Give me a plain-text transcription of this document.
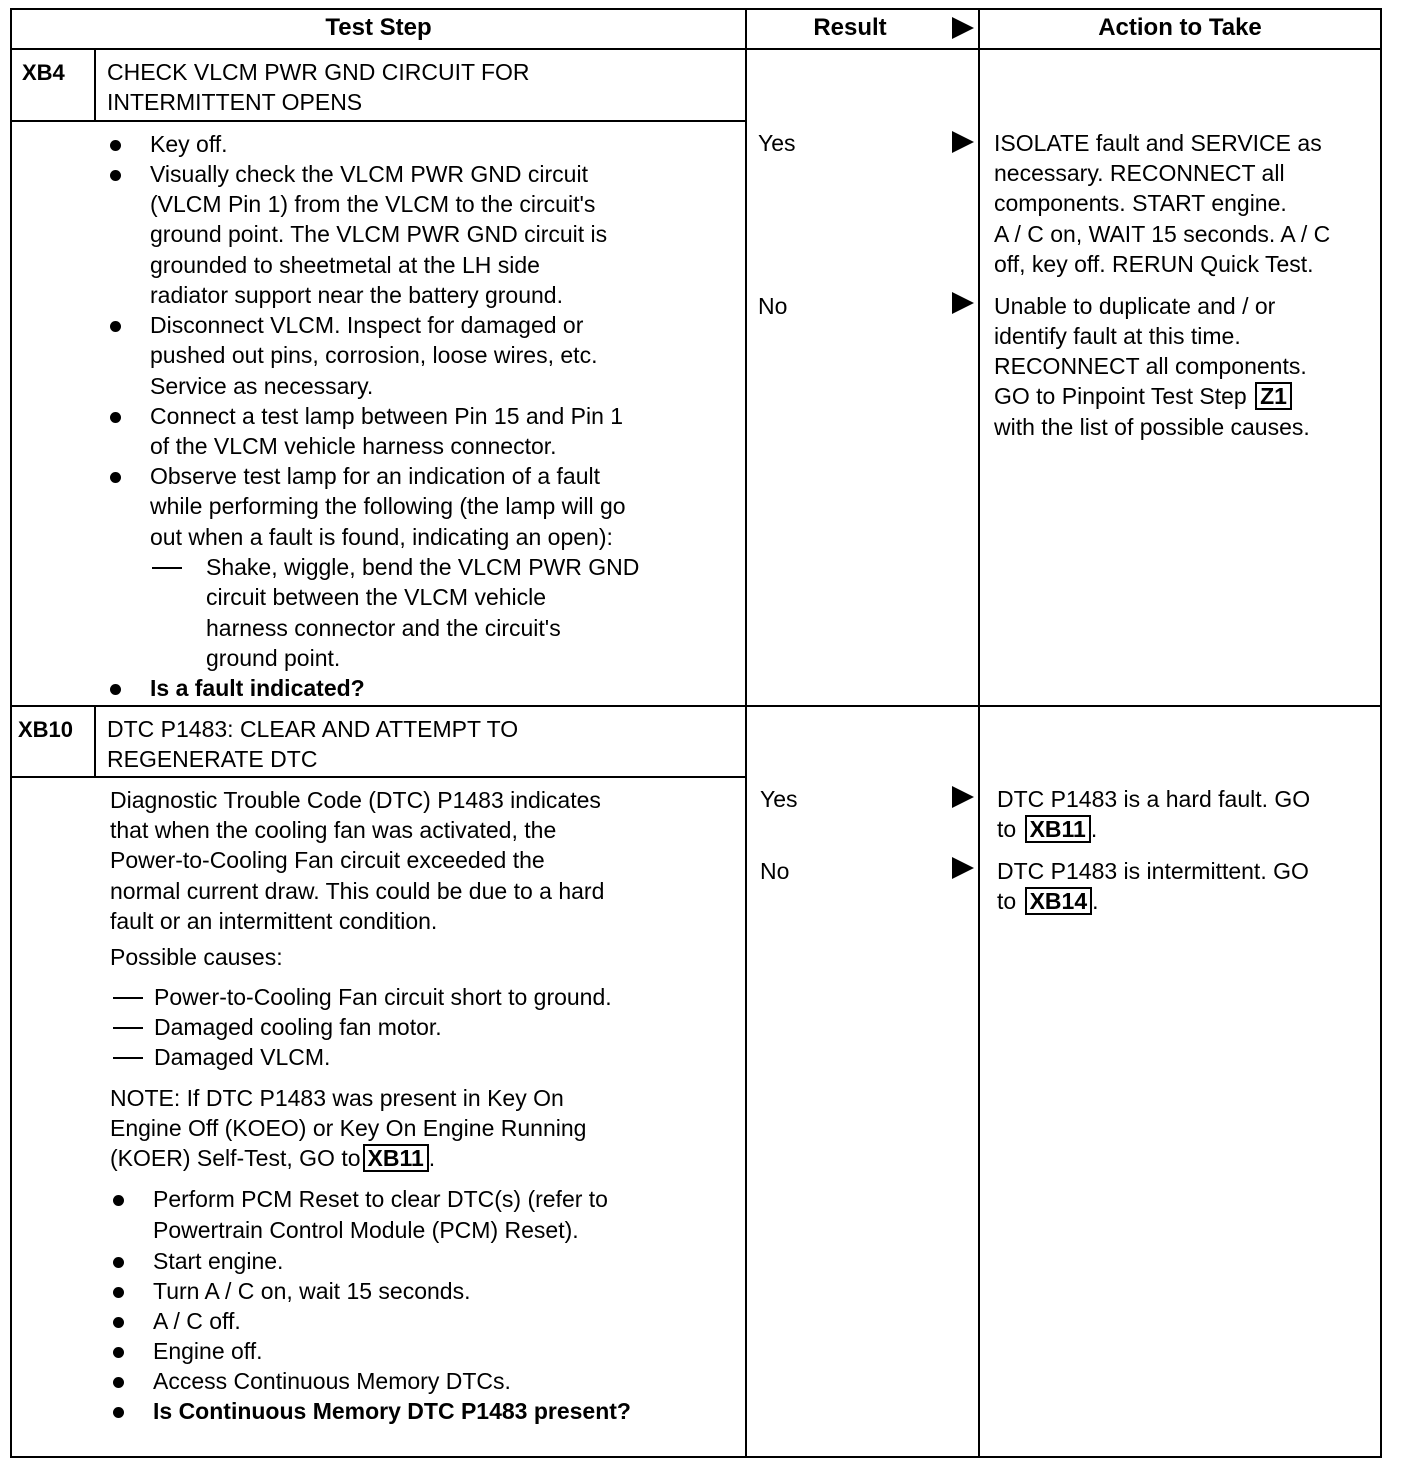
Test Step	Result	Action to Take
XB4 CHECK VLCM PWR GND CIRCUIT FOR
INTERMITTENT OPENS
Key off.
Visually check the VLCM PWR GND circuit
(VLCM Pin 1) from the VLCM to the circuit's
ground point. The VLCM PWR GND circuit is
grounded to sheetmetal at the LH side
radiator support near the battery ground.
Disconnect VLCM. Inspect for damaged or
pushed out pins, corrosion, loose wires, etc.
Service as necessary.
Connect a test lamp between Pin 15 and Pin 1
of the VLCM vehicle harness connector.
Observe test lamp for an indication of a fault
while performing the following (the lamp will go
out when a fault is found, indicating an open):
Shake, wiggle, bend the VLCM PWR GND
circuit between the VLCM vehicle
harness connector and the circuit's
ground point.
Is a fault indicated?
Yes
No
ISOLATE fault and SERVICE as
necessary. RECONNECT all
components. START engine.
A / C on, WAIT 15 seconds. A / C
off, key off. RERUN Quick Test.
Unable to duplicate and / or
identify fault at this time.
RECONNECT all components.
GO to Pinpoint Test Step Z1
with the list of possible causes.
XB10 DTC P1483: CLEAR AND ATTEMPT TO
REGENERATE DTC
Diagnostic Trouble Code (DTC) P1483 indicates
that when the cooling fan was activated, the
Power-to-Cooling Fan circuit exceeded the
normal current draw. This could be due to a hard
fault or an intermittent condition.
Possible causes:
Power-to-Cooling Fan circuit short to ground.
Damaged cooling fan motor.
Damaged VLCM.
NOTE: If DTC P1483 was present in Key On
Engine Off (KOEO) or Key On Engine Running
(KOER) Self-Test, GO to XB11 .
Perform PCM Reset to clear DTC(s) (refer to
Powertrain Control Module (PCM) Reset).
Start engine.
Turn A / C on, wait 15 seconds.
A / C off.
Engine off.
Access Continuous Memory DTCs.
Is Continuous Memory DTC P1483 present?
Yes
No
DTC P1483 is a hard fault. GO
to XB11 .
DTC P1483 is intermittent. GO
to XB14 .
